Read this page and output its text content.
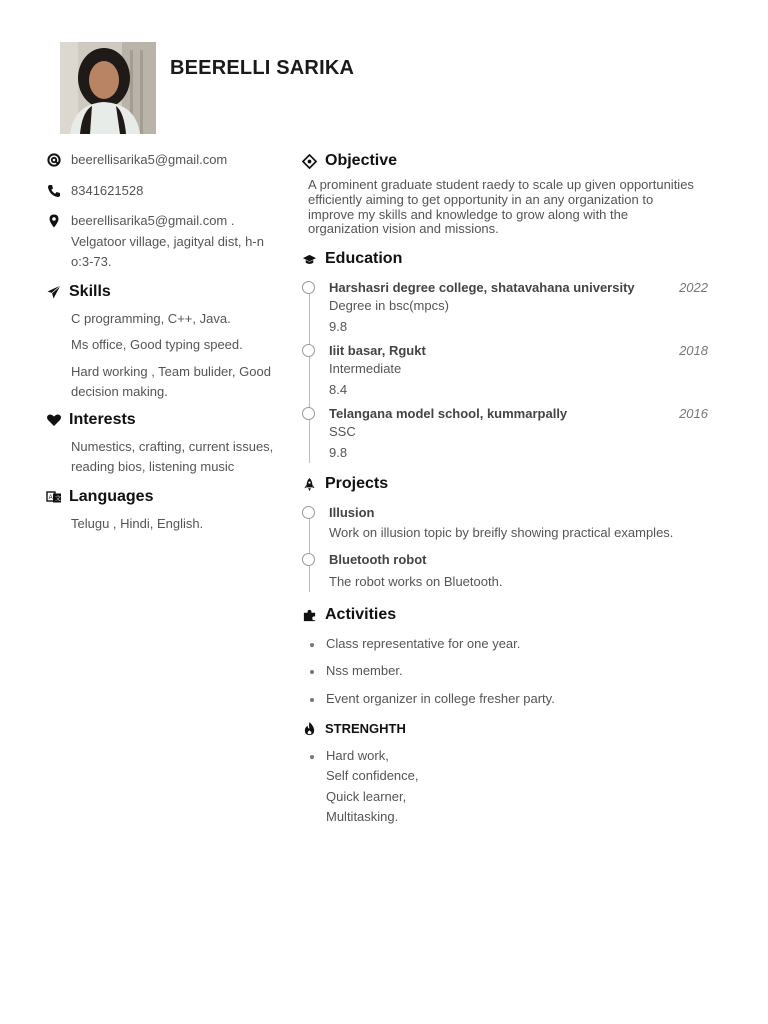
BEERELLI SARIKA
beerellisarika5@gmail.com
8341621528
beerellisarika5@gmail.com .
Velgatoor village, jagityal dist, h-n
o:3-73.
Skills
C programming, C++, Java.
Ms office, Good typing speed.
Hard working , Team bulider, Good decision making.
Interests
Numestics, crafting, current issues, reading bios, listening music
A 文 Languages
Telugu , Hindi, English.
Objective
A prominent graduate student raedy to scale up given opportunities efficiently aiming to get opportunity in an any organization to improve my skills and knowledge to grow along with the organization vision and missions.
Education
Harshasri degree college, shatavahana university	2022
Degree in bsc(mpcs)
9.8
Iiit basar, Rgukt	2018
Intermediate
8.4
Telangana model school, kummarpally	2016
SSC
9.8
Projects
Illusion
Work on illusion topic by breifly showing practical examples.
Bluetooth robot
The robot works on Bluetooth.
Activities
Class representative for one year.
Nss member.
Event organizer in college fresher party.
STRENGHTH
Hard work,
Self confidence,
Quick learner,
Multitasking.
